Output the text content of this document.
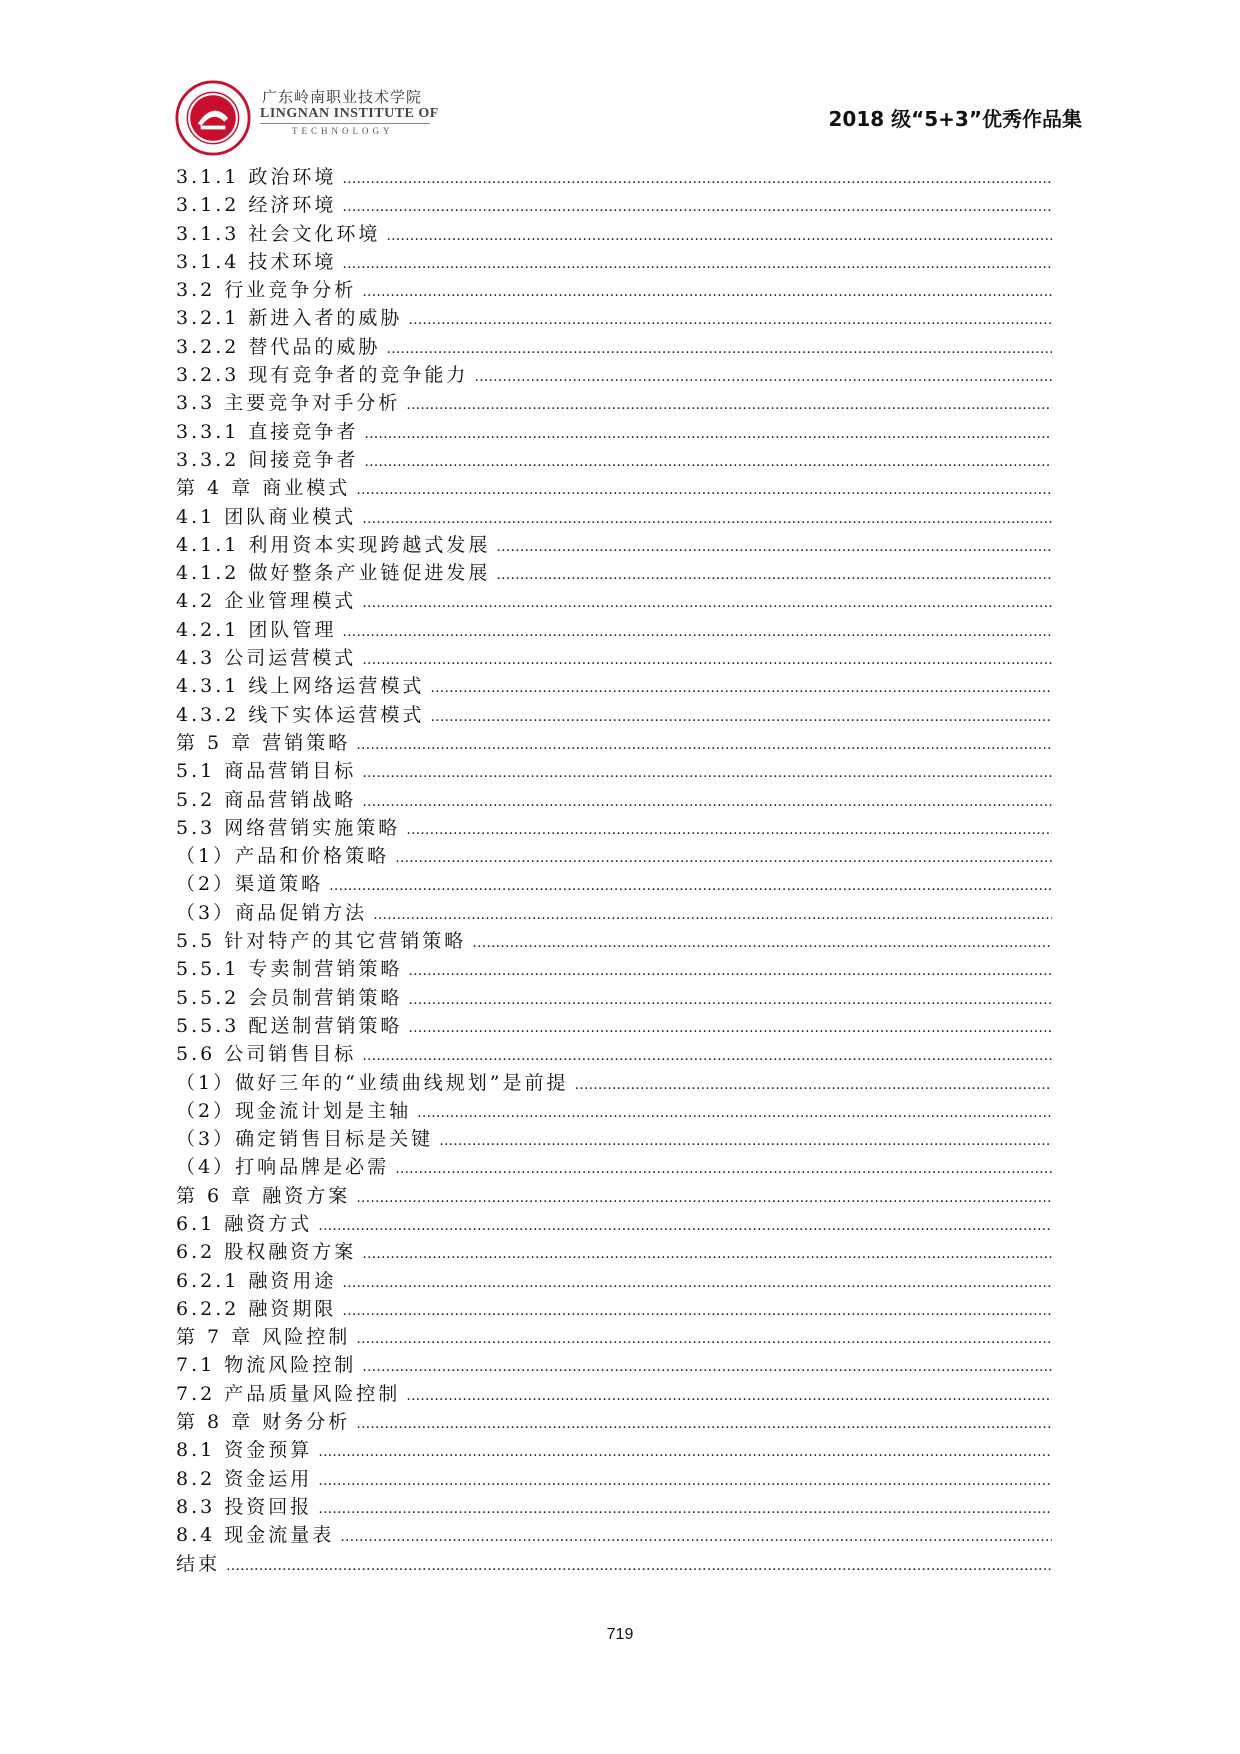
广东岭南职业技术学院
LINGNAN INSTITUTE OF
TECHNOLOGY	2018 级“5+3”优秀作品集
3.1.1 政治环境
……………………………………………………………………………………………………………………………………………………………………………………………………
3.1.2 经济环境
……………………………………………………………………………………………………………………………………………………………………………………………………
3.1.3 社会文化环境
……………………………………………………………………………………………………………………………………………………………………………………………………
3.1.4 技术环境
……………………………………………………………………………………………………………………………………………………………………………………………………
3.2 行业竞争分析
……………………………………………………………………………………………………………………………………………………………………………………………………
3.2.1 新进入者的威胁
……………………………………………………………………………………………………………………………………………………………………………………………………
3.2.2 替代品的威胁
……………………………………………………………………………………………………………………………………………………………………………………………………
3.2.3 现有竞争者的竞争能力
……………………………………………………………………………………………………………………………………………………………………………………………………
3.3 主要竞争对手分析
……………………………………………………………………………………………………………………………………………………………………………………………………
3.3.1 直接竞争者
……………………………………………………………………………………………………………………………………………………………………………………………………
3.3.2 间接竞争者
……………………………………………………………………………………………………………………………………………………………………………………………………
第 4 章 商业模式
……………………………………………………………………………………………………………………………………………………………………………………………………
4.1 团队商业模式
……………………………………………………………………………………………………………………………………………………………………………………………………
4.1.1 利用资本实现跨越式发展
……………………………………………………………………………………………………………………………………………………………………………………………………
4.1.2 做好整条产业链促进发展
……………………………………………………………………………………………………………………………………………………………………………………………………
4.2 企业管理模式
……………………………………………………………………………………………………………………………………………………………………………………………………
4.2.1 团队管理
……………………………………………………………………………………………………………………………………………………………………………………………………
4.3 公司运营模式
……………………………………………………………………………………………………………………………………………………………………………………………………
4.3.1 线上网络运营模式
……………………………………………………………………………………………………………………………………………………………………………………………………
4.3.2 线下实体运营模式
……………………………………………………………………………………………………………………………………………………………………………………………………
第 5 章 营销策略
……………………………………………………………………………………………………………………………………………………………………………………………………
5.1 商品营销目标
……………………………………………………………………………………………………………………………………………………………………………………………………
5.2 商品营销战略
……………………………………………………………………………………………………………………………………………………………………………………………………
5.3 网络营销实施策略
……………………………………………………………………………………………………………………………………………………………………………………………………
（1）产品和价格策略
……………………………………………………………………………………………………………………………………………………………………………………………………
（2）渠道策略
……………………………………………………………………………………………………………………………………………………………………………………………………
（3）商品促销方法
……………………………………………………………………………………………………………………………………………………………………………………………………
5.5 针对特产的其它营销策略
……………………………………………………………………………………………………………………………………………………………………………………………………
5.5.1 专卖制营销策略
……………………………………………………………………………………………………………………………………………………………………………………………………
5.5.2 会员制营销策略
……………………………………………………………………………………………………………………………………………………………………………………………………
5.5.3 配送制营销策略
……………………………………………………………………………………………………………………………………………………………………………………………………
5.6 公司销售目标
……………………………………………………………………………………………………………………………………………………………………………………………………
（1）做好三年的“业绩曲线规划”是前提
……………………………………………………………………………………………………………………………………………………………………………………………………
（2）现金流计划是主轴
……………………………………………………………………………………………………………………………………………………………………………………………………
（3）确定销售目标是关键
……………………………………………………………………………………………………………………………………………………………………………………………………
（4）打响品牌是必需
……………………………………………………………………………………………………………………………………………………………………………………………………
第 6 章 融资方案
……………………………………………………………………………………………………………………………………………………………………………………………………
6.1 融资方式
……………………………………………………………………………………………………………………………………………………………………………………………………
6.2 股权融资方案
……………………………………………………………………………………………………………………………………………………………………………………………………
6.2.1 融资用途
……………………………………………………………………………………………………………………………………………………………………………………………………
6.2.2 融资期限
……………………………………………………………………………………………………………………………………………………………………………………………………
第 7 章 风险控制
……………………………………………………………………………………………………………………………………………………………………………………………………
7.1 物流风险控制
……………………………………………………………………………………………………………………………………………………………………………………………………
7.2 产品质量风险控制
……………………………………………………………………………………………………………………………………………………………………………………………………
第 8 章 财务分析
……………………………………………………………………………………………………………………………………………………………………………………………………
8.1 资金预算
……………………………………………………………………………………………………………………………………………………………………………………………………
8.2 资金运用
……………………………………………………………………………………………………………………………………………………………………………………………………
8.3 投资回报
……………………………………………………………………………………………………………………………………………………………………………………………………
8.4 现金流量表
……………………………………………………………………………………………………………………………………………………………………………………………………
结束
……………………………………………………………………………………………………………………………………………………………………………………………………
719
